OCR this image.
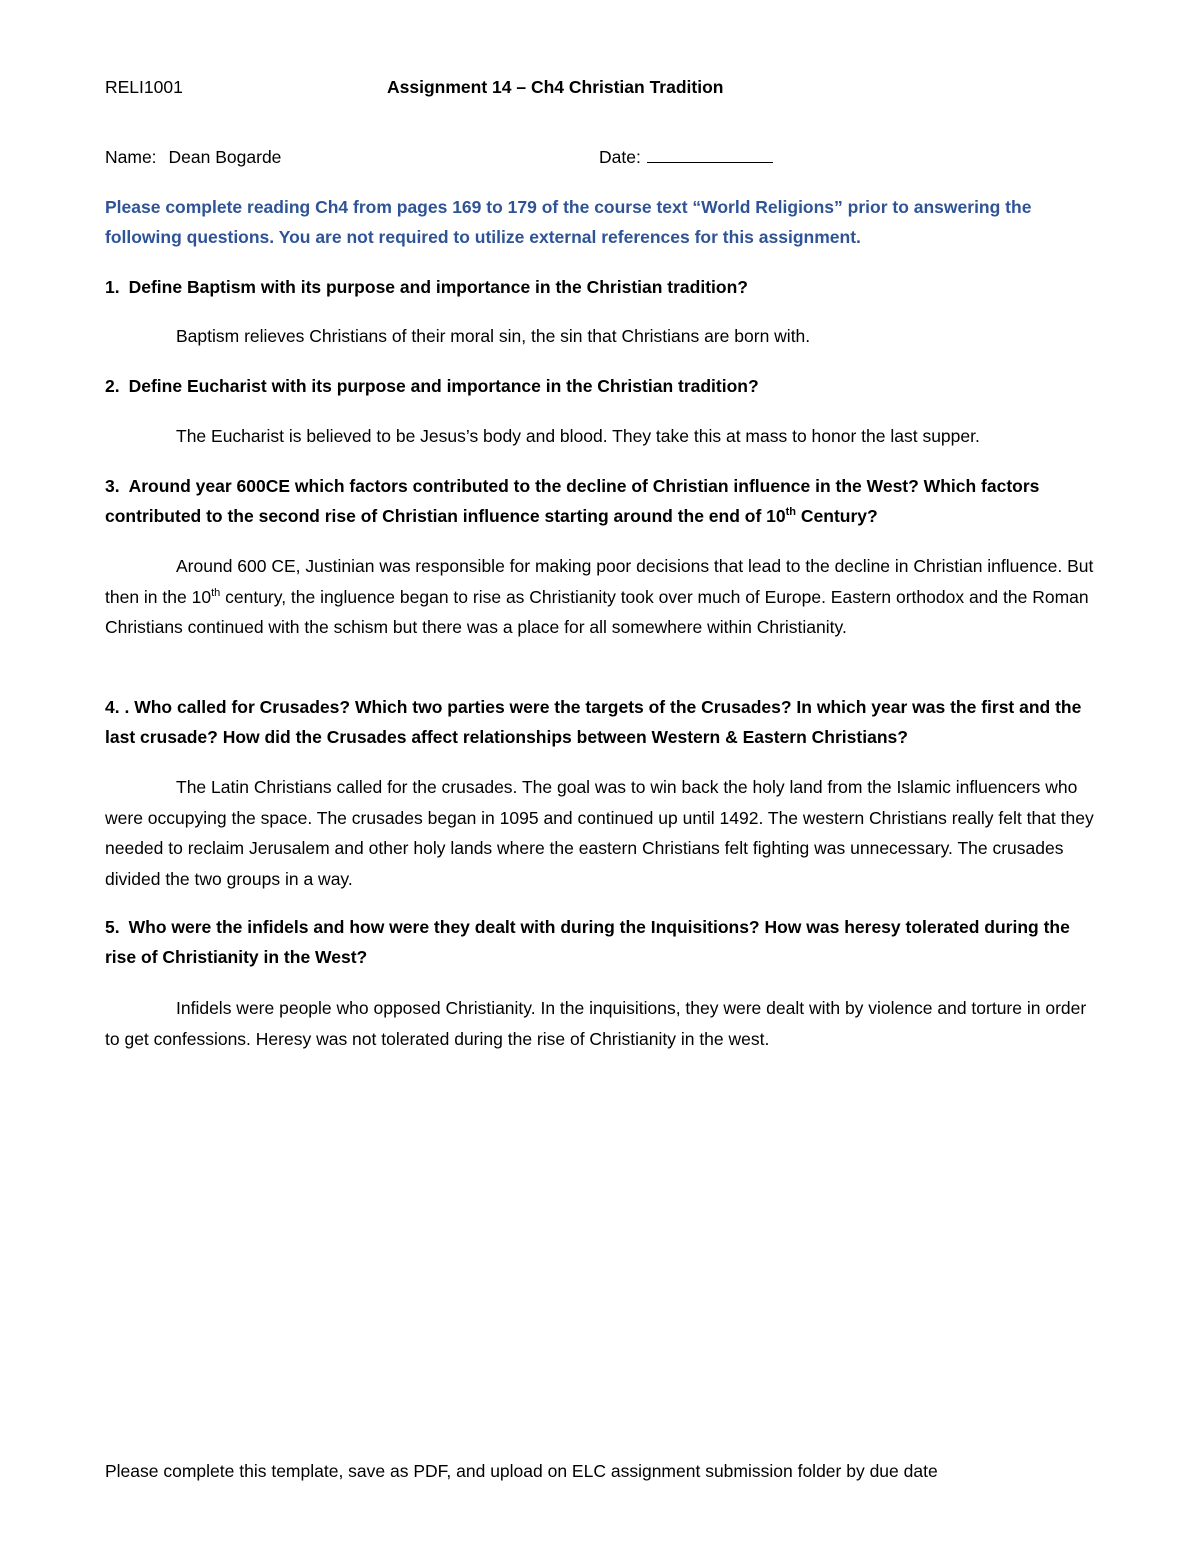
RELI1001	Assignment 14 – Ch4 Christian Tradition
Name: Dean Bogarde	Date:
Please complete reading Ch4 from pages 169 to 179 of the course text “World Religions” prior to answering the following questions. You are not required to utilize external references for this assignment.
1. Define Baptism with its purpose and importance in the Christian tradition?
Baptism relieves Christians of their moral sin, the sin that Christians are born with.
2. Define Eucharist with its purpose and importance in the Christian tradition?
The Eucharist is believed to be Jesus’s body and blood. They take this at mass to honor the last supper.
3. Around year 600CE which factors contributed to the decline of Christian influence in the West? Which factors contributed to the second rise of Christian influence starting around the end of 10th Century?
Around 600 CE, Justinian was responsible for making poor decisions that lead to the decline in Christian influence. But then in the 10th century, the ingluence began to rise as Christianity took over much of Europe. Eastern orthodox and the Roman Christians continued with the schism but there was a place for all somewhere within Christianity.
4. . Who called for Crusades? Which two parties were the targets of the Crusades? In which year was the first and the last crusade? How did the Crusades affect relationships between Western & Eastern Christians?
The Latin Christians called for the crusades. The goal was to win back the holy land from the Islamic influencers who were occupying the space. The crusades began in 1095 and continued up until 1492. The western Christians really felt that they needed to reclaim Jerusalem and other holy lands where the eastern Christians felt fighting was unnecessary. The crusades divided the two groups in a way.
5. Who were the infidels and how were they dealt with during the Inquisitions? How was heresy tolerated during the rise of Christianity in the West?
Infidels were people who opposed Christianity. In the inquisitions, they were dealt with by violence and torture in order to get confessions. Heresy was not tolerated during the rise of Christianity in the west.
Please complete this template, save as PDF, and upload on ELC assignment submission folder by due date
